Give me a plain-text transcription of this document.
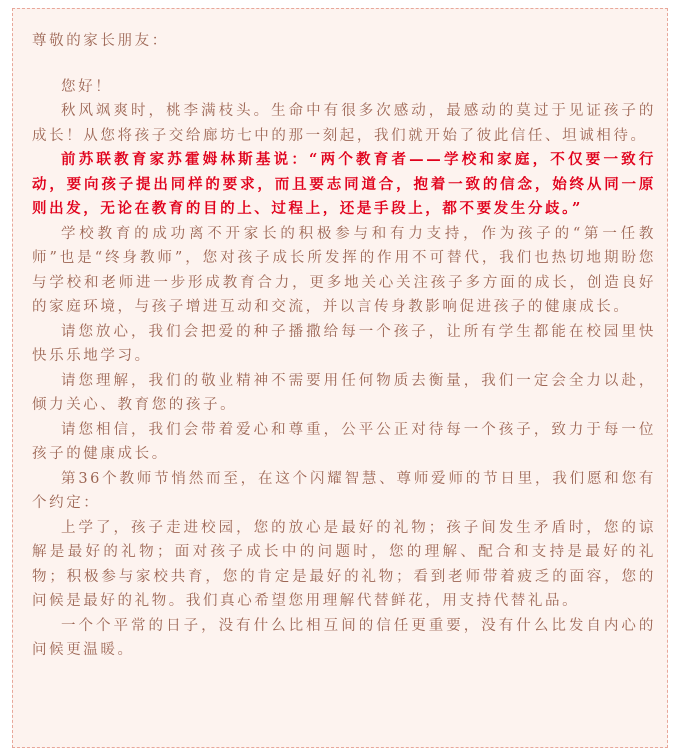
尊敬的家长朋友：

您好！

秋风飒爽时，桃李满枝头。生命中有很多次感动，最感动的莫过于见证孩子的成长！从您将孩子交给廊坊七中的那一刻起，我们就开始了彼此信任、坦诚相待。

前苏联教育家苏霍姆林斯基说：“两个教育者——学校和家庭，不仅要一致行动，要向孩子提出同样的要求，而且要志同道合，抱着一致的信念，始终从同一原则出发，无论在教育的目的上、过程上，还是手段上，都不要发生分歧。”

学校教育的成功离不开家长的积极参与和有力支持，作为孩子的“第一任教师”也是“终身教师”，您对孩子成长所发挥的作用不可替代，我们也热切地期盼您与学校和老师进一步形成教育合力，更多地关心关注孩子多方面的成长，创造良好的家庭环境，与孩子增进互动和交流，并以言传身教影响促进孩子的健康成长。

请您放心，我们会把爱的种子播撒给每一个孩子，让所有学生都能在校园里快快乐乐地学习。

请您理解，我们的敬业精神不需要用任何物质去衡量，我们一定会全力以赴，倾力关心、教育您的孩子。

请您相信，我们会带着爱心和尊重，公平公正对待每一个孩子，致力于每一位孩子的健康成长。

第36个教师节悄然而至，在这个闪耀智慧、尊师爱师的节日里，我们愿和您有个约定：

上学了，孩子走进校园，您的放心是最好的礼物；孩子间发生矛盾时，您的谅解是最好的礼物；面对孩子成长中的问题时，您的理解、配合和支持是最好的礼物；积极参与家校共育，您的肯定是最好的礼物；看到老师带着疲乏的面容，您的问候是最好的礼物。我们真心希望您用理解代替鲜花，用支持代替礼品。

一个个平常的日子，没有什么比相互间的信任更重要，没有什么比发自内心的问候更温暖。
